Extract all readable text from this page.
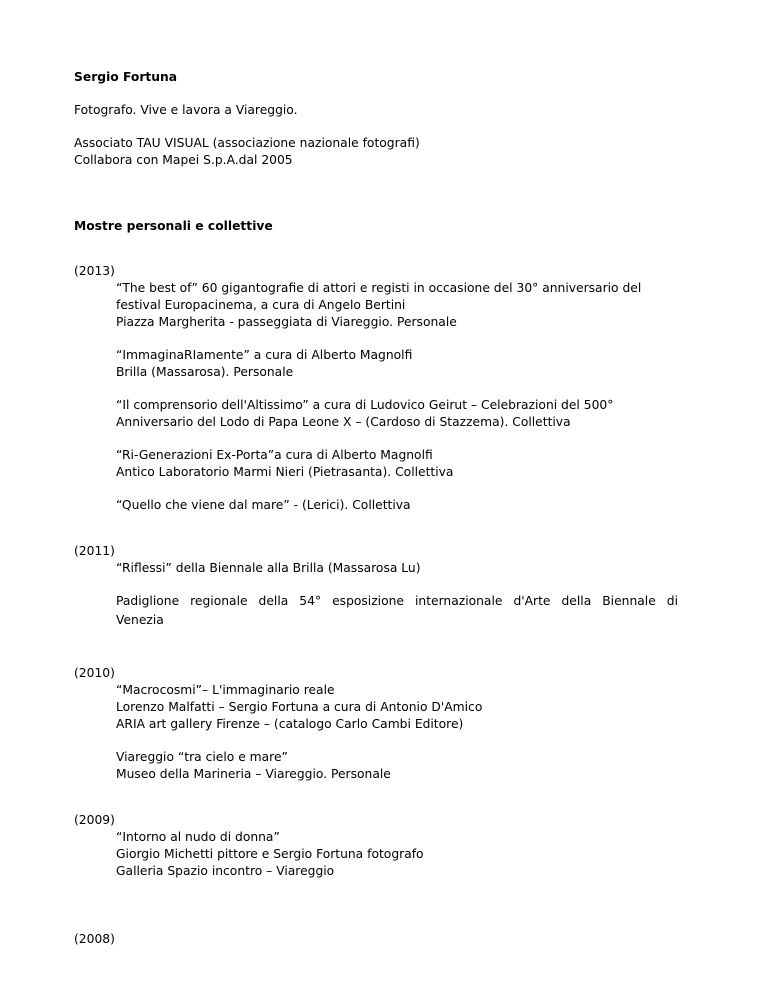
Sergio Fortuna

Fotografo. Vive e lavora a Viareggio.

Associato TAU VISUAL (associazione nazionale fotografi)

Collabora con Mapei S.p.A.dal 2005

Mostre personali e collettive

(2013)

“The best of” 60 gigantografie di attori e registi in occasione del 30° anniversario del

festival Europacinema, a cura di Angelo Bertini

Piazza Margherita - passeggiata di Viareggio. Personale

“ImmaginaRIamente” a cura di Alberto Magnolfi

Brilla (Massarosa). Personale

“Il comprensorio dell'Altissimo” a cura di Ludovico Geirut – Celebrazioni del 500°

Anniversario del Lodo di Papa Leone X – (Cardoso di Stazzema). Collettiva

“Ri-Generazioni Ex-Porta”a cura di Alberto Magnolfi

Antico Laboratorio Marmi Nieri (Pietrasanta). Collettiva

“Quello che viene dal mare” - (Lerici). Collettiva

(2011)

“Riflessi” della Biennale alla Brilla (Massarosa Lu)

Padiglione regionale della 54° esposizione internazionale d'Arte della Biennale di Venezia

(2010)

“Macrocosmi”– L'immaginario reale

Lorenzo Malfatti – Sergio Fortuna a cura di Antonio D'Amico

ARIA art gallery Firenze – (catalogo Carlo Cambi Editore)

Viareggio “tra cielo e mare”

Museo della Marineria – Viareggio. Personale

(2009)

“Intorno al nudo di donna”

Giorgio Michetti pittore e Sergio Fortuna fotografo

Galleria Spazio incontro – Viareggio

(2008)
